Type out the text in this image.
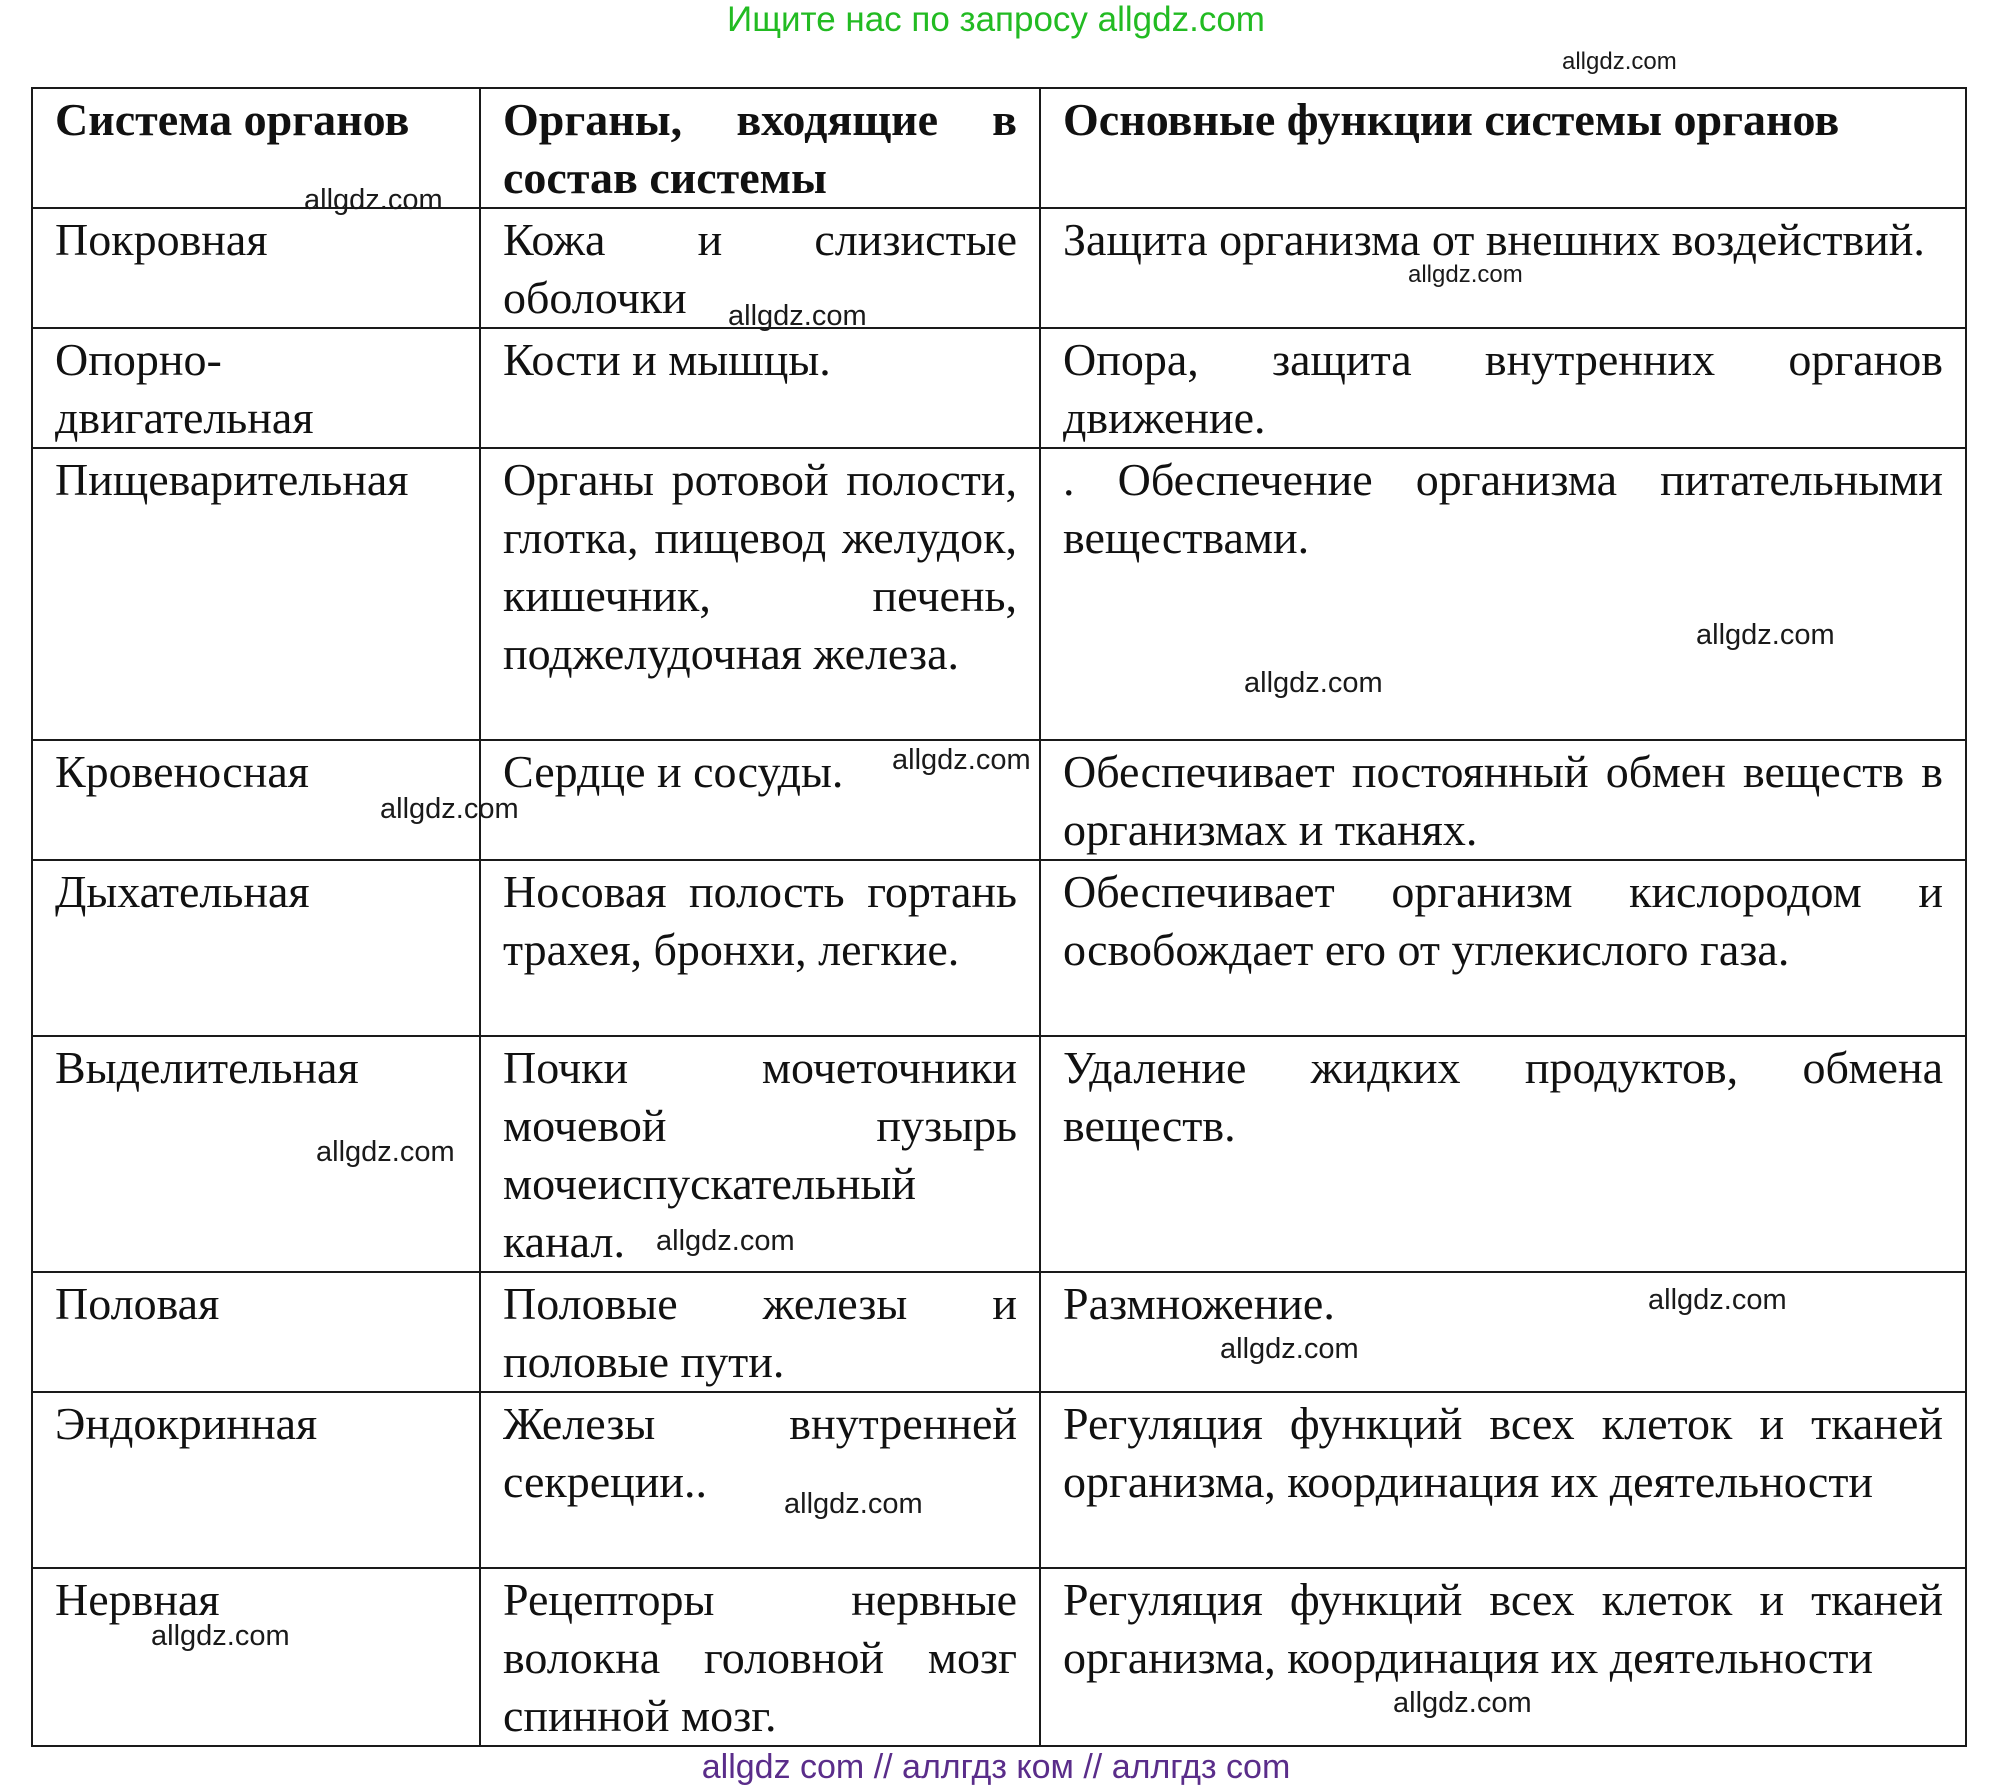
Ищите нас по запросу allgdz.com
Система органов	Органы, входящие в состав системы	Основные функции системы органов
Покровная	Кожа и слизистые оболочки	Защита организма от внешних воздействий.
Опорно-двигательная	Кости и мышцы.	Опора, защита внутренних органов движение.
Пищеварительная	Органы ротовой полости, глотка, пищевод желудок, кишечник, печень, поджелудочная железа.	. Обеспечение организма питательными веществами.
Кровеносная	Сердце и сосуды.	Обеспечивает постоянный обмен веществ в организмах и тканях.
Дыхательная	Носовая полость гортань трахея, бронхи, легкие.	Обеспечивает организм кислородом и освобождает его от углекислого газа.
Выделительная	Почки мочеточники мочевой пузырь мочеиспускательный канал.	Удаление жидких продуктов, обмена веществ.
Половая	Половые железы и половые пути.	Размножение.
Эндокринная	Железы внутренней секреции..	Регуляция функций всех клеток и тканей организма, координация их деятельности
Нервная	Рецепторы нервные волокна головной мозг спинной мозг.	Регуляция функций всех клеток и тканей организма, координация их деятельности
allgdz.com
allgdz.com
allgdz.com
allgdz.com
allgdz.com
allgdz.com
allgdz.com
allgdz.com
allgdz.com
allgdz.com
allgdz.com
allgdz.com
allgdz.com
allgdz.com
allgdz.com
allgdz com // аллгдз ком // аллгдз com
